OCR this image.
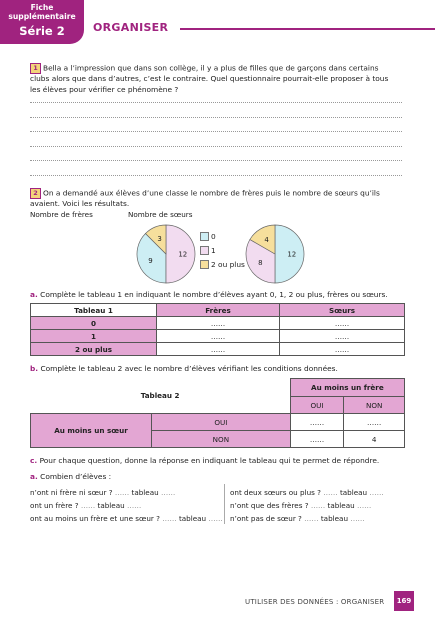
Fiche
supplémentaire
Série 2	ORGANISER
1 Bella a l’impression que dans son collège, il y a plus de filles que de garçons dans certains clubs alors que dans d’autres, c’est le contraire. Quel questionnaire pourrait-elle proposer à tous les élèves pour vérifier ce phénomène ?
2 On a demandé aux élèves d’une classe le nombre de frères puis le nombre de sœurs qu’ils avaient. Voici les résultats.
Nombre de frères	Nombre de sœurs
9
12
3
12
8
4
0
1
2 ou plus
a. Complète le tableau 1 en indiquant le nombre d’élèves ayant 0, 1, 2 ou plus, frères ou sœurs.
Tableau 1	Frères	Sœurs
0	……	……
1	……	……
2 ou plus	……	……
b. Complète le tableau 2 avec le nombre d’élèves vérifiant les conditions données.
Tableau 2		Au moins un frère	
		OUI	NON
Au moins un sœur	OUI	……	……
	NON	……	4
c. Pour chaque question, donne la réponse en indiquant le tableau qui te permet de répondre.
a. Combien d’élèves :
n’ont ni frère ni sœur ? …… tableau ……
ont un frère ? …… tableau ……
ont au moins un frère et une sœur ? …… tableau ……
ont deux sœurs ou plus ? …… tableau ……
n’ont que des frères ? …… tableau ……
n’ont pas de sœur ? …… tableau ……
UTILISER DES DONNÉES : ORGANISER	169
